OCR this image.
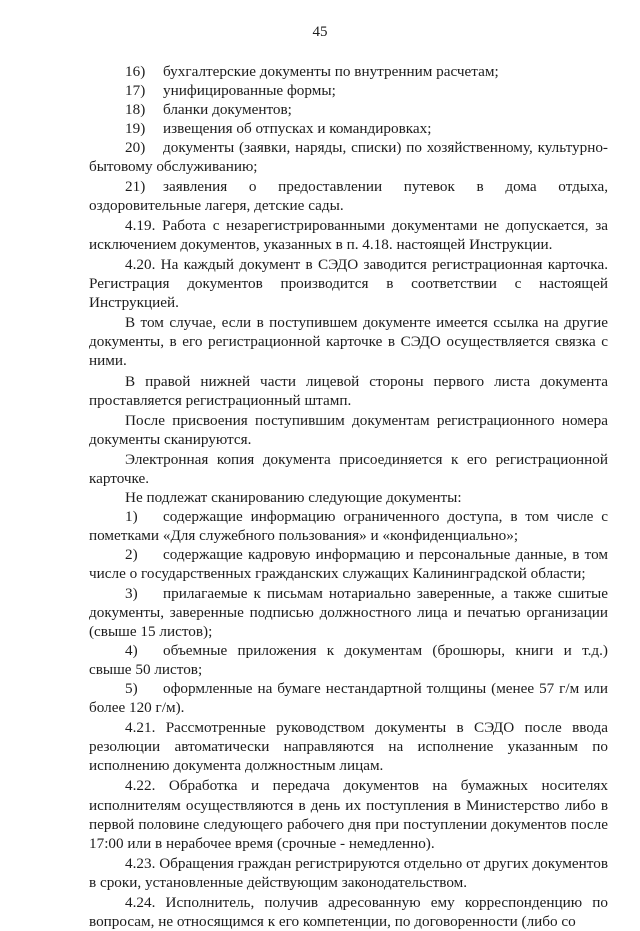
45

16) бухгалтерские документы по внутренним расчетам;

17) унифицированные формы;

18) бланки документов;

19) извещения об отпусках и командировках;

20) документы (заявки, наряды, списки) по хозяйственному, культурно-бытовому обслуживанию;

21) заявления о предоставлении путевок в дома отдыха, оздоровительные лагеря, детские сады.

4.19. Работа с незарегистрированными документами не допускается, за исключением документов, указанных в п. 4.18. настоящей Инструкции.

4.20. На каждый документ в СЭДО заводится регистрационная карточка. Регистрация документов производится в соответствии с настоящей Инструкцией.

В том случае, если в поступившем документе имеется ссылка на другие документы, в его регистрационной карточке в СЭДО осуществляется связка с ними.

В правой нижней части лицевой стороны первого листа документа проставляется регистрационный штамп.

После присвоения поступившим документам регистрационного номера документы сканируются.

Электронная копия документа присоединяется к его регистрационной карточке.

Не подлежат сканированию следующие документы:

1) содержащие информацию ограниченного доступа, в том числе с пометками «Для служебного пользования» и «конфиденциально»;

2) содержащие кадровую информацию и персональные данные, в том числе о государственных гражданских служащих Калининградской области;

3) прилагаемые к письмам нотариально заверенные, а также сшитые документы, заверенные подписью должностного лица и печатью организации (свыше 15 листов);

4) объемные приложения к документам (брошюры, книги и т.д.) свыше 50 листов;

5) оформленные на бумаге нестандартной толщины (менее 57 г/м или более 120 г/м).

4.21. Рассмотренные руководством документы в СЭДО после ввода резолюции автоматически направляются на исполнение указанным по исполнению документа должностным лицам.

4.22. Обработка и передача документов на бумажных носителях исполнителям осуществляются в день их поступления в Министерство либо в первой половине следующего рабочего дня при поступлении документов после 17:00 или в нерабочее время (срочные - немедленно).

4.23. Обращения граждан регистрируются отдельно от других документов в сроки, установленные действующим законодательством.

4.24. Исполнитель, получив адресованную ему корреспонденцию по вопросам, не относящимся к его компетенции, по договоренности (либо со
